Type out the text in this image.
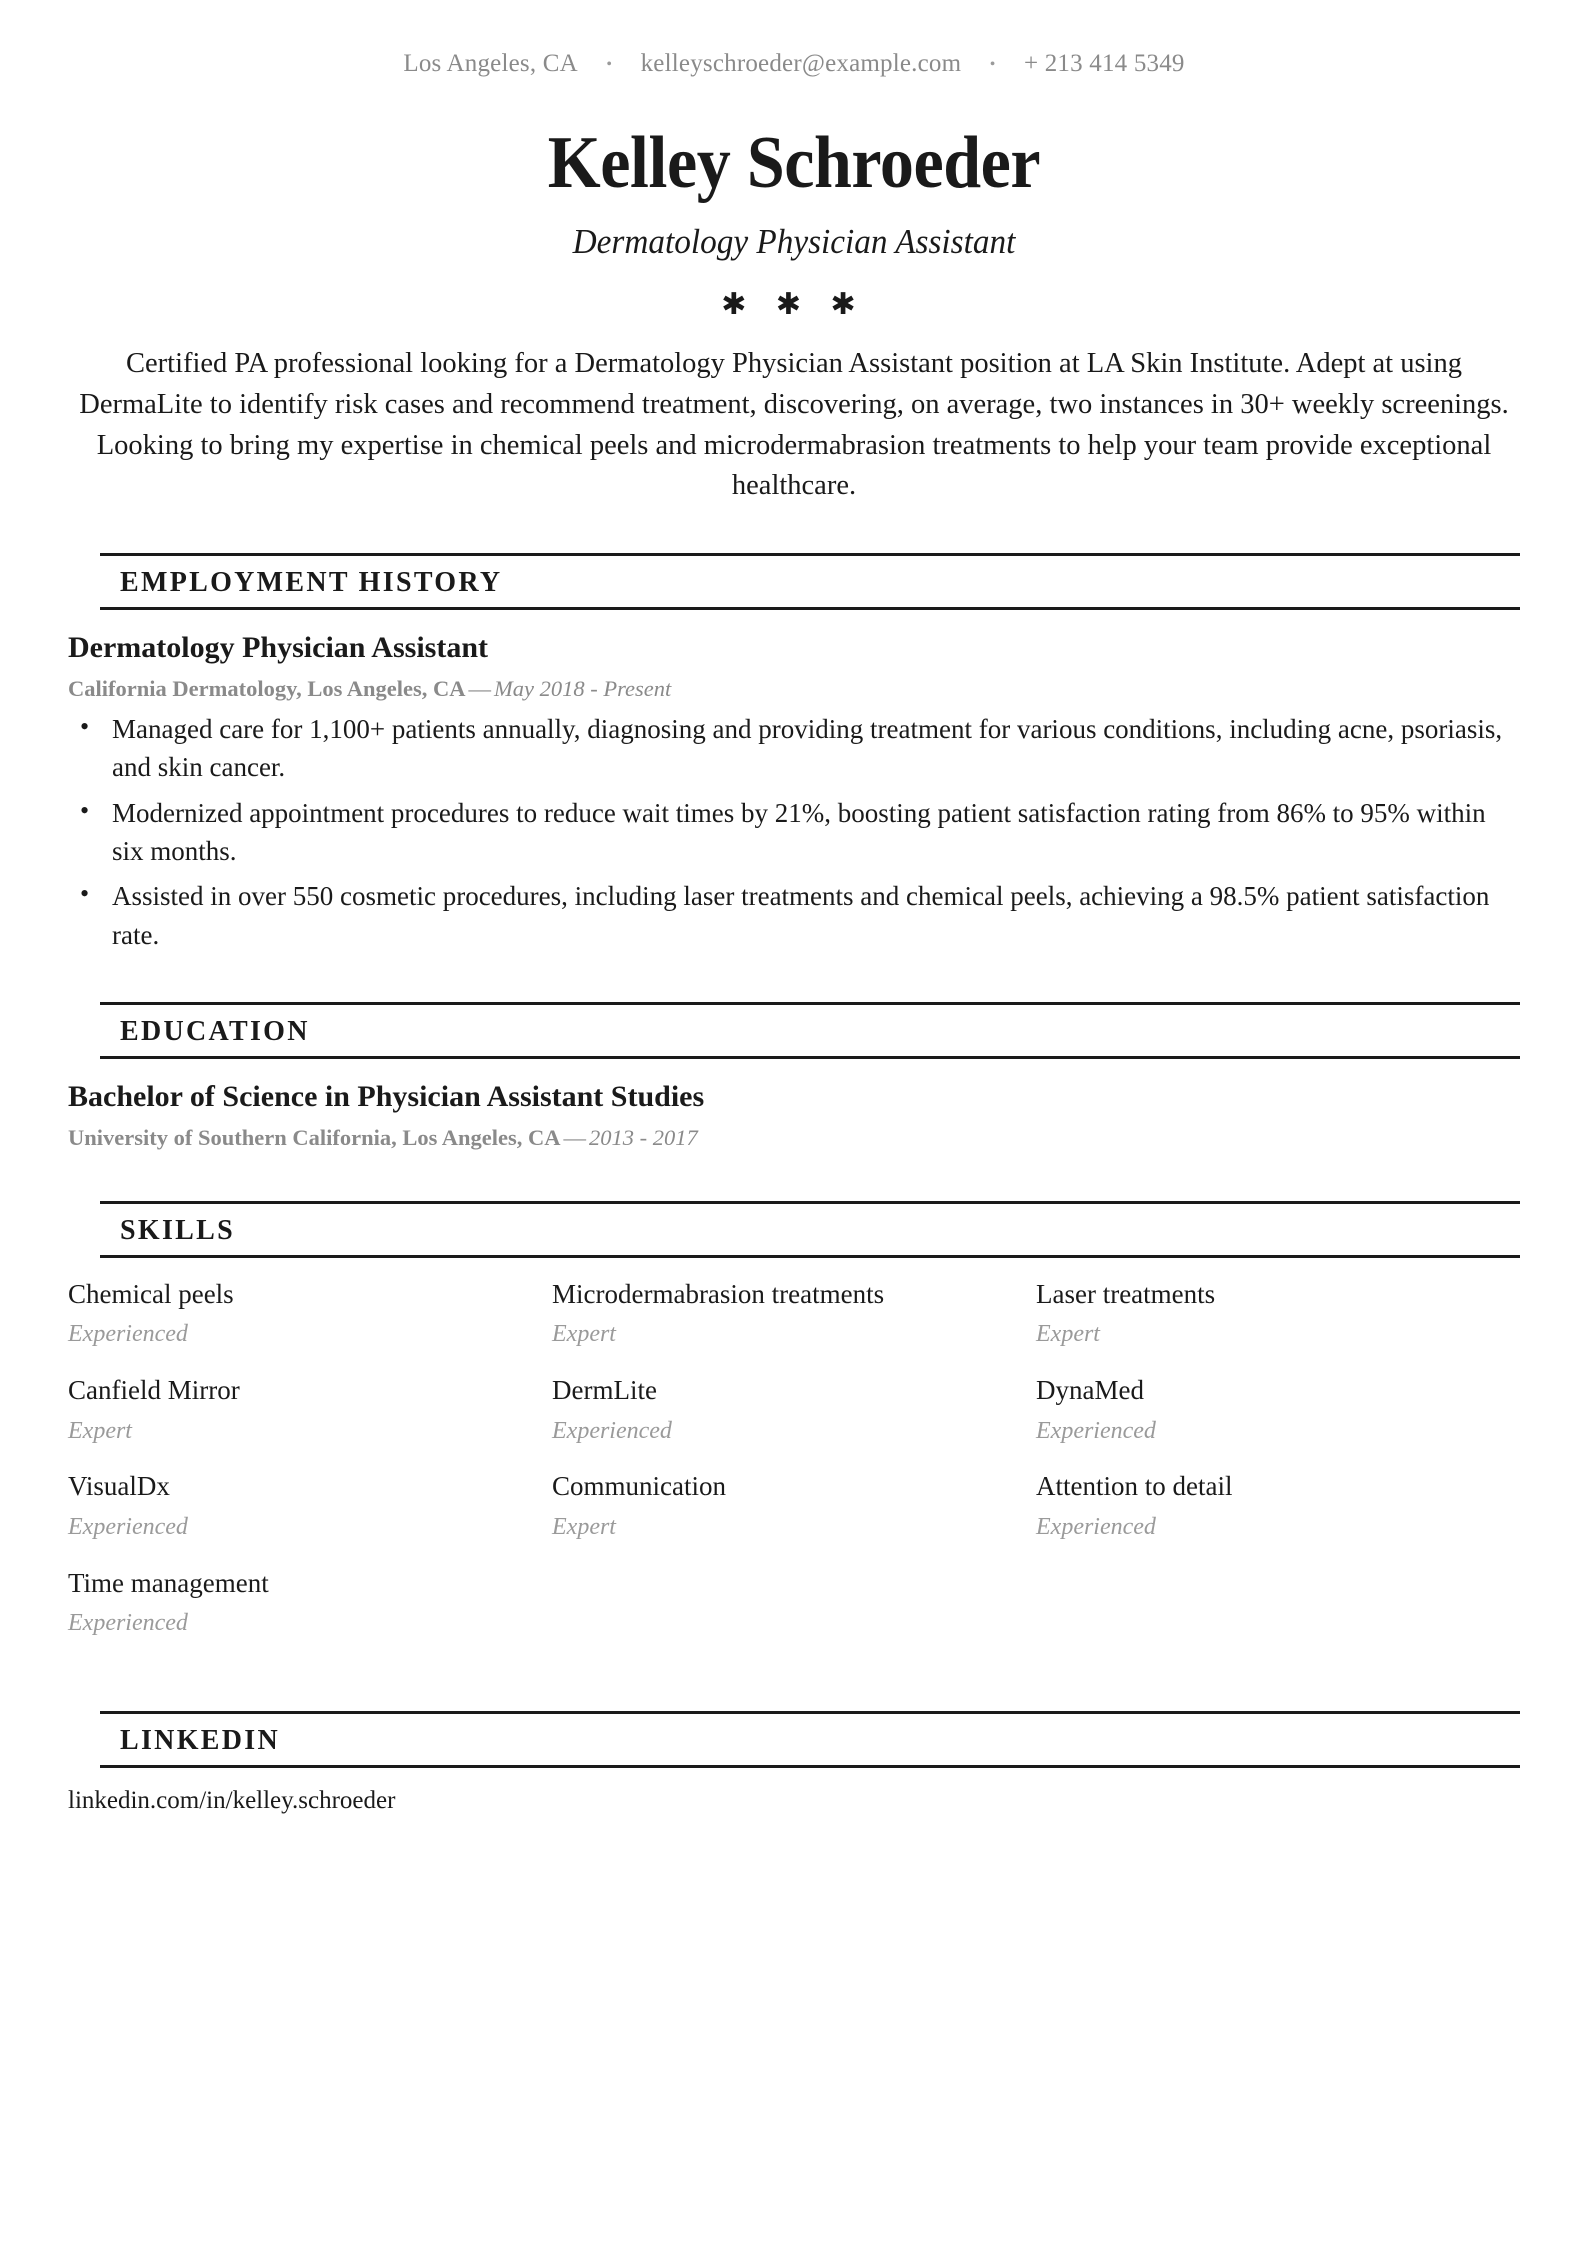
Los Angeles, CA • kelleyschroeder@example.com • + 213 414 5349
Kelley Schroeder
Dermatology Physician Assistant
✱ ✱ ✱
Certified PA professional looking for a Dermatology Physician Assistant position at LA Skin Institute. Adept at using DermaLite to identify risk cases and recommend treatment, discovering, on average, two instances in 30+ weekly screenings. Looking to bring my expertise in chemical peels and microdermabrasion treatments to help your team provide exceptional healthcare.
EMPLOYMENT HISTORY
Dermatology Physician Assistant
California Dermatology, Los Angeles, CA — May 2018 - Present
• Managed care for 1,100+ patients annually, diagnosing and providing treatment for various conditions, including acne, psoriasis, and skin cancer.
• Modernized appointment procedures to reduce wait times by 21%, boosting patient satisfaction rating from 86% to 95% within six months.
• Assisted in over 550 cosmetic procedures, including laser treatments and chemical peels, achieving a 98.5% patient satisfaction rate.
EDUCATION
Bachelor of Science in Physician Assistant Studies
University of Southern California, Los Angeles, CA — 2013 - 2017
SKILLS
Chemical peels
Experienced
Microdermabrasion treatments
Expert
Laser treatments
Expert
Canfield Mirror
Expert
DermLite
Experienced
DynaMed
Experienced
VisualDx
Experienced
Communication
Expert
Attention to detail
Experienced
Time management
Experienced
LINKEDIN
linkedin.com/in/kelley.schroeder
